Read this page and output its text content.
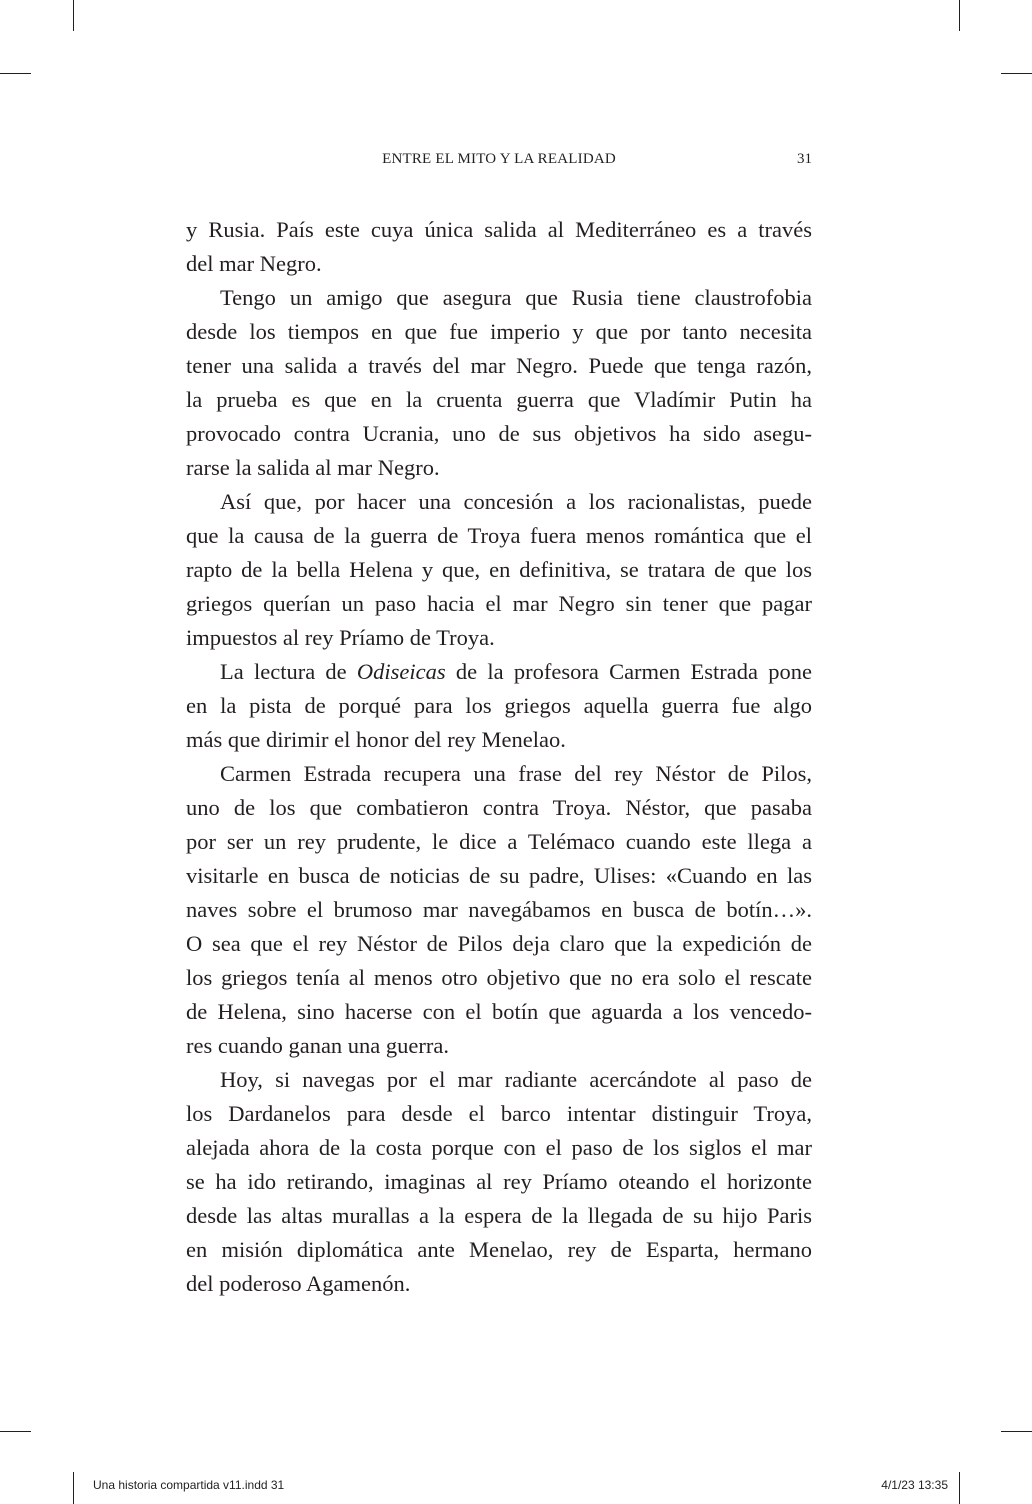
ENTRE EL MITO Y LA REALIDAD	31
y Rusia. País este cuya única salida al Mediterráneo es a través
del mar Negro.
Tengo un amigo que asegura que Rusia tiene claustrofobia
desde los tiempos en que fue imperio y que por tanto necesita
tener una salida a través del mar Negro. Puede que tenga razón,
la prueba es que en la cruenta guerra que Vladímir Putin ha
provocado contra Ucrania, uno de sus objetivos ha sido asegu-
rarse la salida al mar Negro.
Así que, por hacer una concesión a los racionalistas, puede
que la causa de la guerra de Troya fuera menos romántica que el
rapto de la bella Helena y que, en definitiva, se tratara de que los
griegos querían un paso hacia el mar Negro sin tener que pagar
impuestos al rey Príamo de Troya.
La lectura de Odiseicas de la profesora Carmen Estrada pone
en la pista de porqué para los griegos aquella guerra fue algo
más que dirimir el honor del rey Menelao.
Carmen Estrada recupera una frase del rey Néstor de Pilos,
uno de los que combatieron contra Troya. Néstor, que pasaba
por ser un rey prudente, le dice a Telémaco cuando este llega a
visitarle en busca de noticias de su padre, Ulises: «Cuando en las
naves sobre el brumoso mar navegábamos en busca de botín…».
O sea que el rey Néstor de Pilos deja claro que la expedición de
los griegos tenía al menos otro objetivo que no era solo el rescate
de Helena, sino hacerse con el botín que aguarda a los vencedo-
res cuando ganan una guerra.
Hoy, si navegas por el mar radiante acercándote al paso de
los Dardanelos para desde el barco intentar distinguir Troya,
alejada ahora de la costa porque con el paso de los siglos el mar
se ha ido retirando, imaginas al rey Príamo oteando el horizonte
desde las altas murallas a la espera de la llegada de su hijo Paris
en misión diplomática ante Menelao, rey de Esparta, hermano
del poderoso Agamenón.
Una historia compartida v11.indd 31	4/1/23 13:35
